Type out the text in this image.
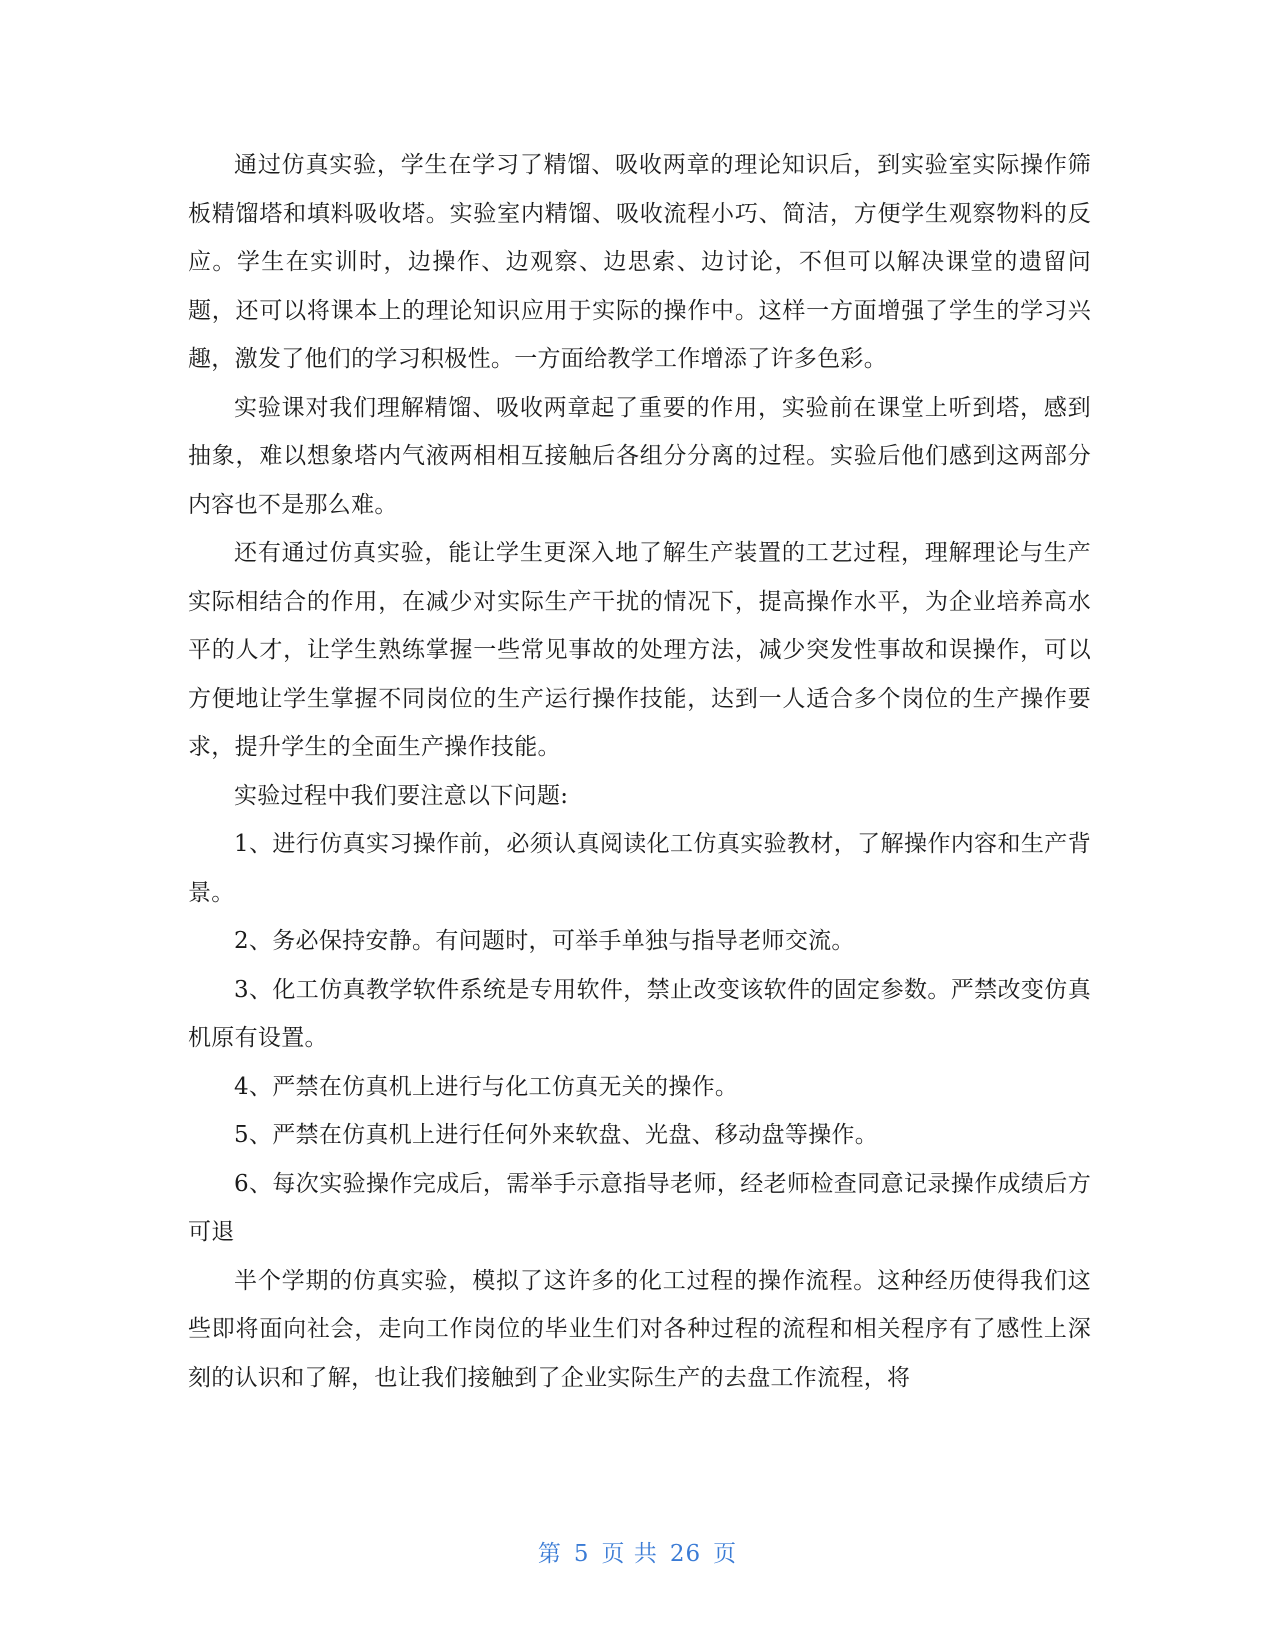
通过仿真实验，学生在学习了精馏、吸收两章的理论知识后，到实验室实际操作筛板精馏塔和填料吸收塔。实验室内精馏、吸收流程小巧、简洁，方便学生观察物料的反应。学生在实训时，边操作、边观察、边思索、边讨论，不但可以解决课堂的遗留问题，还可以将课本上的理论知识应用于实际的操作中。这样一方面增强了学生的学习兴趣，激发了他们的学习积极性。一方面给教学工作增添了许多色彩。

实验课对我们理解精馏、吸收两章起了重要的作用，实验前在课堂上听到塔，感到抽象，难以想象塔内气液两相相互接触后各组分分离的过程。实验后他们感到这两部分内容也不是那么难。

还有通过仿真实验，能让学生更深入地了解生产装置的工艺过程，理解理论与生产实际相结合的作用，在减少对实际生产干扰的情况下，提高操作水平，为企业培养高水平的人才，让学生熟练掌握一些常见事故的处理方法，减少突发性事故和误操作，可以方便地让学生掌握不同岗位的生产运行操作技能，达到一人适合多个岗位的生产操作要求，提升学生的全面生产操作技能。

实验过程中我们要注意以下问题:

1、进行仿真实习操作前，必须认真阅读化工仿真实验教材，了解操作内容和生产背景。

2、务必保持安静。有问题时，可举手单独与指导老师交流。

3、化工仿真教学软件系统是专用软件，禁止改变该软件的固定参数。严禁改变仿真机原有设置。

4、严禁在仿真机上进行与化工仿真无关的操作。

5、严禁在仿真机上进行任何外来软盘、光盘、移动盘等操作。

6、每次实验操作完成后，需举手示意指导老师，经老师检查同意记录操作成绩后方可退

半个学期的仿真实验，模拟了这许多的化工过程的操作流程。这种经历使得我们这些即将面向社会，走向工作岗位的毕业生们对各种过程的流程和相关程序有了感性上深刻的认识和了解，也让我们接触到了企业实际生产的去盘工作流程，将

第 5 页 共 26 页
